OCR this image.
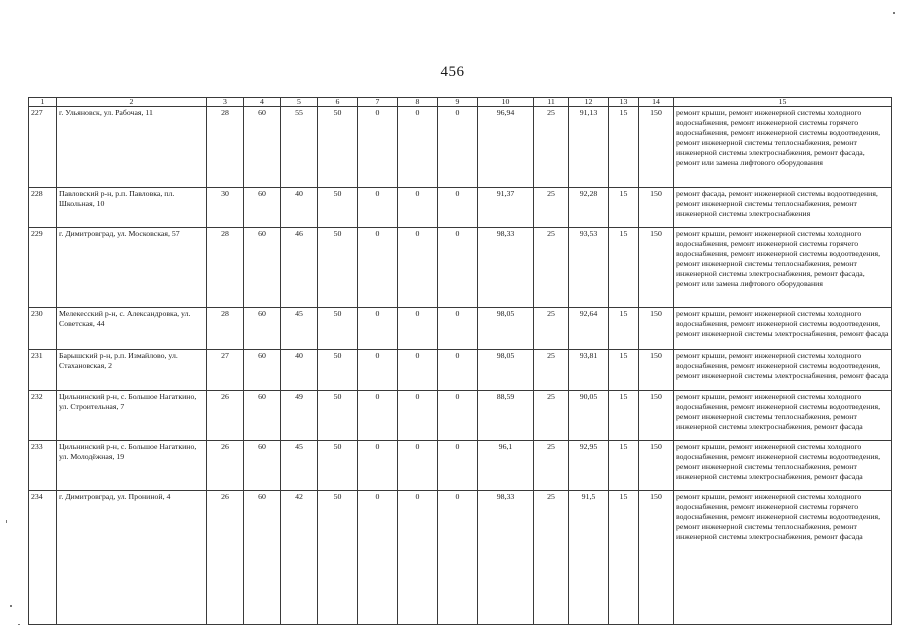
456
1	2	3	4	5	6	7	8	9	10	11	12	13	14	15
227	г. Ульяновск, ул. Рабочая, 11	28	60	55	50	0	0	0	96,94	25	91,13	15	150	ремонт крыши, ремонт инженерной системы холодного водоснабжения, ремонт инженерной системы горячего водоснабжения, ремонт инженерной системы водоотведения, ремонт инженерной системы теплоснабжения, ремонт инженерной системы электроснабжения, ремонт фасада, ремонт или замена лифтового оборудования
228	Павловский р-н, р.п. Павловка, пл. Школьная, 10	30	60	40	50	0	0	0	91,37	25	92,28	15	150	ремонт фасада, ремонт инженерной системы водоотведения, ремонт инженерной системы теплоснабжения, ремонт инженерной системы электроснабжения
229	г. Димитровград, ул. Московская, 57	28	60	46	50	0	0	0	98,33	25	93,53	15	150	ремонт крыши, ремонт инженерной системы холодного водоснабжения, ремонт инженерной системы горячего водоснабжения, ремонт инженерной системы водоотведения, ремонт инженерной системы теплоснабжения, ремонт инженерной системы электроснабжения, ремонт фасада, ремонт или замена лифтового оборудования
230	Мелекесский р-н, с. Александровка, ул. Советская, 44	28	60	45	50	0	0	0	98,05	25	92,64	15	150	ремонт крыши, ремонт инженерной системы холодного водоснабжения, ремонт инженерной системы водоотведения, ремонт инженерной системы электроснабжения, ремонт фасада
231	Барышский р-н, р.п. Измайлово, ул. Стахановская, 2	27	60	40	50	0	0	0	98,05	25	93,81	15	150	ремонт крыши, ремонт инженерной системы холодного водоснабжения, ремонт инженерной системы водоотведения, ремонт инженерной системы электроснабжения, ремонт фасада
232	Цильнинский р-н, с. Большое Нагаткино, ул. Строительная, 7	26	60	49	50	0	0	0	88,59	25	90,05	15	150	ремонт крыши, ремонт инженерной системы холодного водоснабжения, ремонт инженерной системы водоотведения, ремонт инженерной системы теплоснабжения, ремонт инженерной системы электроснабжения, ремонт фасада
233	Цильнинский р-н, с. Большое Нагаткино, ул. Молодёжная, 19	26	60	45	50	0	0	0	96,1	25	92,95	15	150	ремонт крыши, ремонт инженерной системы холодного водоснабжения, ремонт инженерной системы водоотведения, ремонт инженерной системы теплоснабжения, ремонт инженерной системы электроснабжения, ремонт фасада
234	г. Димитровград, ул. Прониной, 4	26	60	42	50	0	0	0	98,33	25	91,5	15	150	ремонт крыши, ремонт инженерной системы холодного водоснабжения, ремонт инженерной системы горячего водоснабжения, ремонт инженерной системы водоотведения, ремонт инженерной системы теплоснабжения, ремонт инженерной системы электроснабжения, ремонт фасада
